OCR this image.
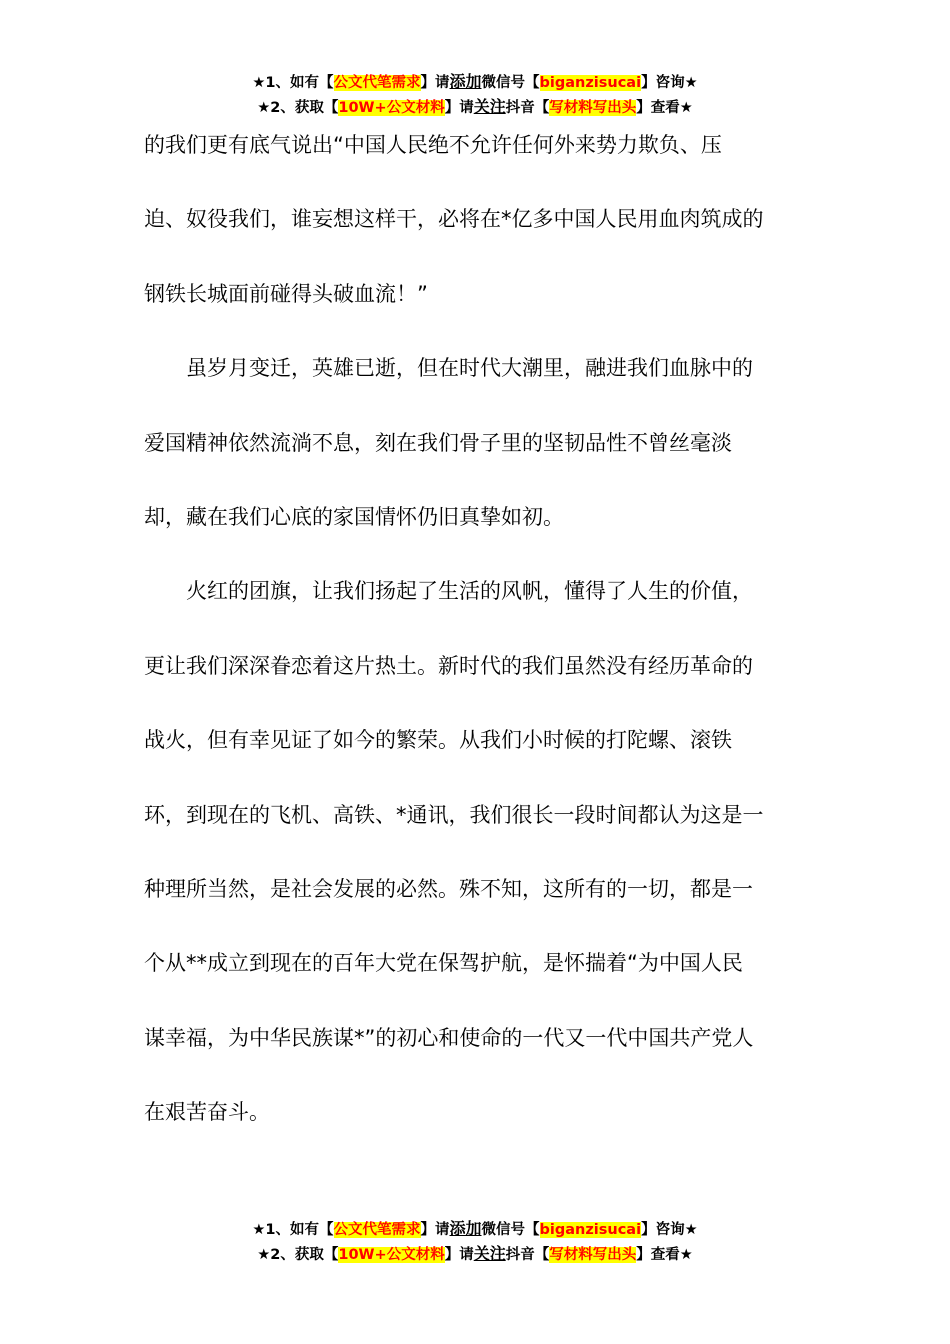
★1、如有【公文代笔需求】请添加微信号【biganzisucai】咨询★
★2、获取【10W+公文材料】请关注抖音【写材料写出头】查看★

的我们更有底气说出“中国人民绝不允许任何外来势力欺负、压
迫、奴役我们，谁妄想这样干，必将在*亿多中国人民用血肉筑成的
钢铁长城面前碰得头破血流！”

虽岁月变迁，英雄已逝，但在时代大潮里，融进我们血脉中的

爱国精神依然流淌不息，刻在我们骨子里的坚韧品性不曾丝毫淡
却，藏在我们心底的家国情怀仍旧真挚如初。

火红的团旗，让我们扬起了生活的风帆，懂得了人生的价值，

更让我们深深眷恋着这片热土。新时代的我们虽然没有经历革命的
战火，但有幸见证了如今的繁荣。从我们小时候的打陀螺、滚铁
环，到现在的飞机、高铁、*通讯，我们很长一段时间都认为这是一
种理所当然，是社会发展的必然。殊不知，这所有的一切，都是一
个从**成立到现在的百年大党在保驾护航，是怀揣着“为中国人民
谋幸福，为中华民族谋*”的初心和使命的一代又一代中国共产党人
在艰苦奋斗。

★1、如有【公文代笔需求】请添加微信号【biganzisucai】咨询★
★2、获取【10W+公文材料】请关注抖音【写材料写出头】查看★
